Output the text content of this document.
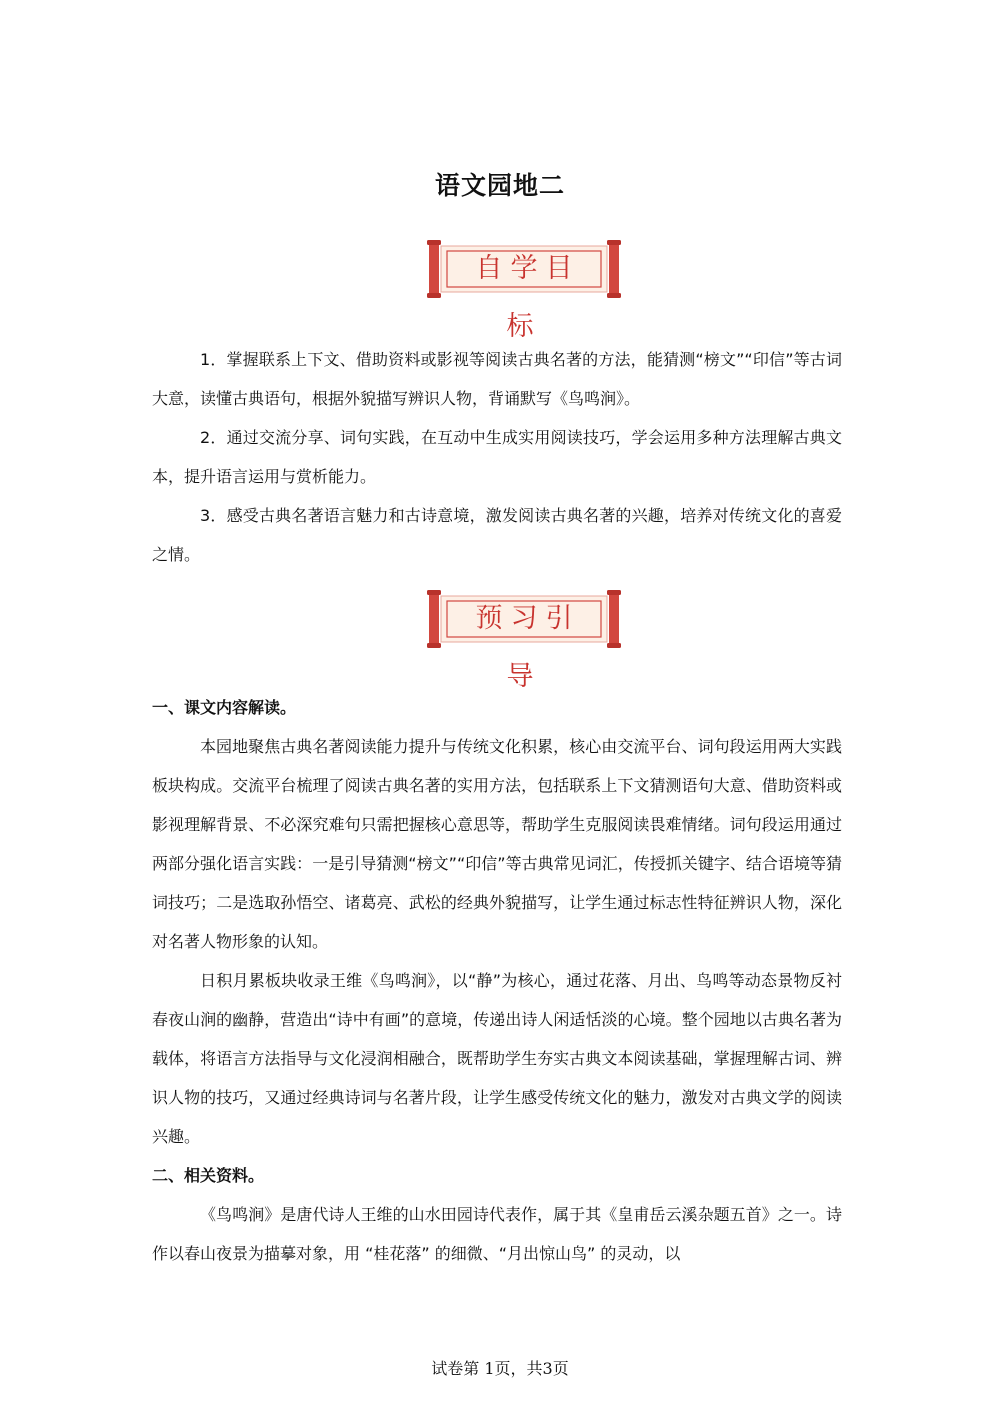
语文园地二
自学目标

1．掌握联系上下文、借助资料或影视等阅读古典名著的方法，能猜测“榜文”“印信”等古词大意，读懂古典语句，根据外貌描写辨识人物，背诵默写《鸟鸣涧》。

2．通过交流分享、词句实践，在互动中生成实用阅读技巧，学会运用多种方法理解古典文本，提升语言运用与赏析能力。

3．感受古典名著语言魅力和古诗意境，激发阅读古典名著的兴趣，培养对传统文化的喜爱之情。

预习引导
一、课文内容解读。

本园地聚焦古典名著阅读能力提升与传统文化积累，核心由交流平台、词句段运用两大实践板块构成。交流平台梳理了阅读古典名著的实用方法，包括联系上下文猜测语句大意、借助资料或影视理解背景、不必深究难句只需把握核心意思等，帮助学生克服阅读畏难情绪。词句段运用通过两部分强化语言实践：一是引导猜测“榜文”“印信”等古典常见词汇，传授抓关键字、结合语境等猜词技巧；二是选取孙悟空、诸葛亮、武松的经典外貌描写，让学生通过标志性特征辨识人物，深化对名著人物形象的认知。

日积月累板块收录王维《鸟鸣涧》，以“静”为核心，通过花落、月出、鸟鸣等动态景物反衬春夜山涧的幽静，营造出“诗中有画”的意境，传递出诗人闲适恬淡的心境。整个园地以古典名著为载体，将语言方法指导与文化浸润相融合，既帮助学生夯实古典文本阅读基础，掌握理解古词、辨识人物的技巧，又通过经典诗词与名著片段，让学生感受传统文化的魅力，激发对古典文学的阅读兴趣。

二、相关资料。

《鸟鸣涧》是唐代诗人王维的山水田园诗代表作，属于其《皇甫岳云溪杂题五首》之一。诗作以春山夜景为描摹对象，用 “桂花落” 的细微、“月出惊山鸟” 的灵动，以

试卷第 1页，共3页
